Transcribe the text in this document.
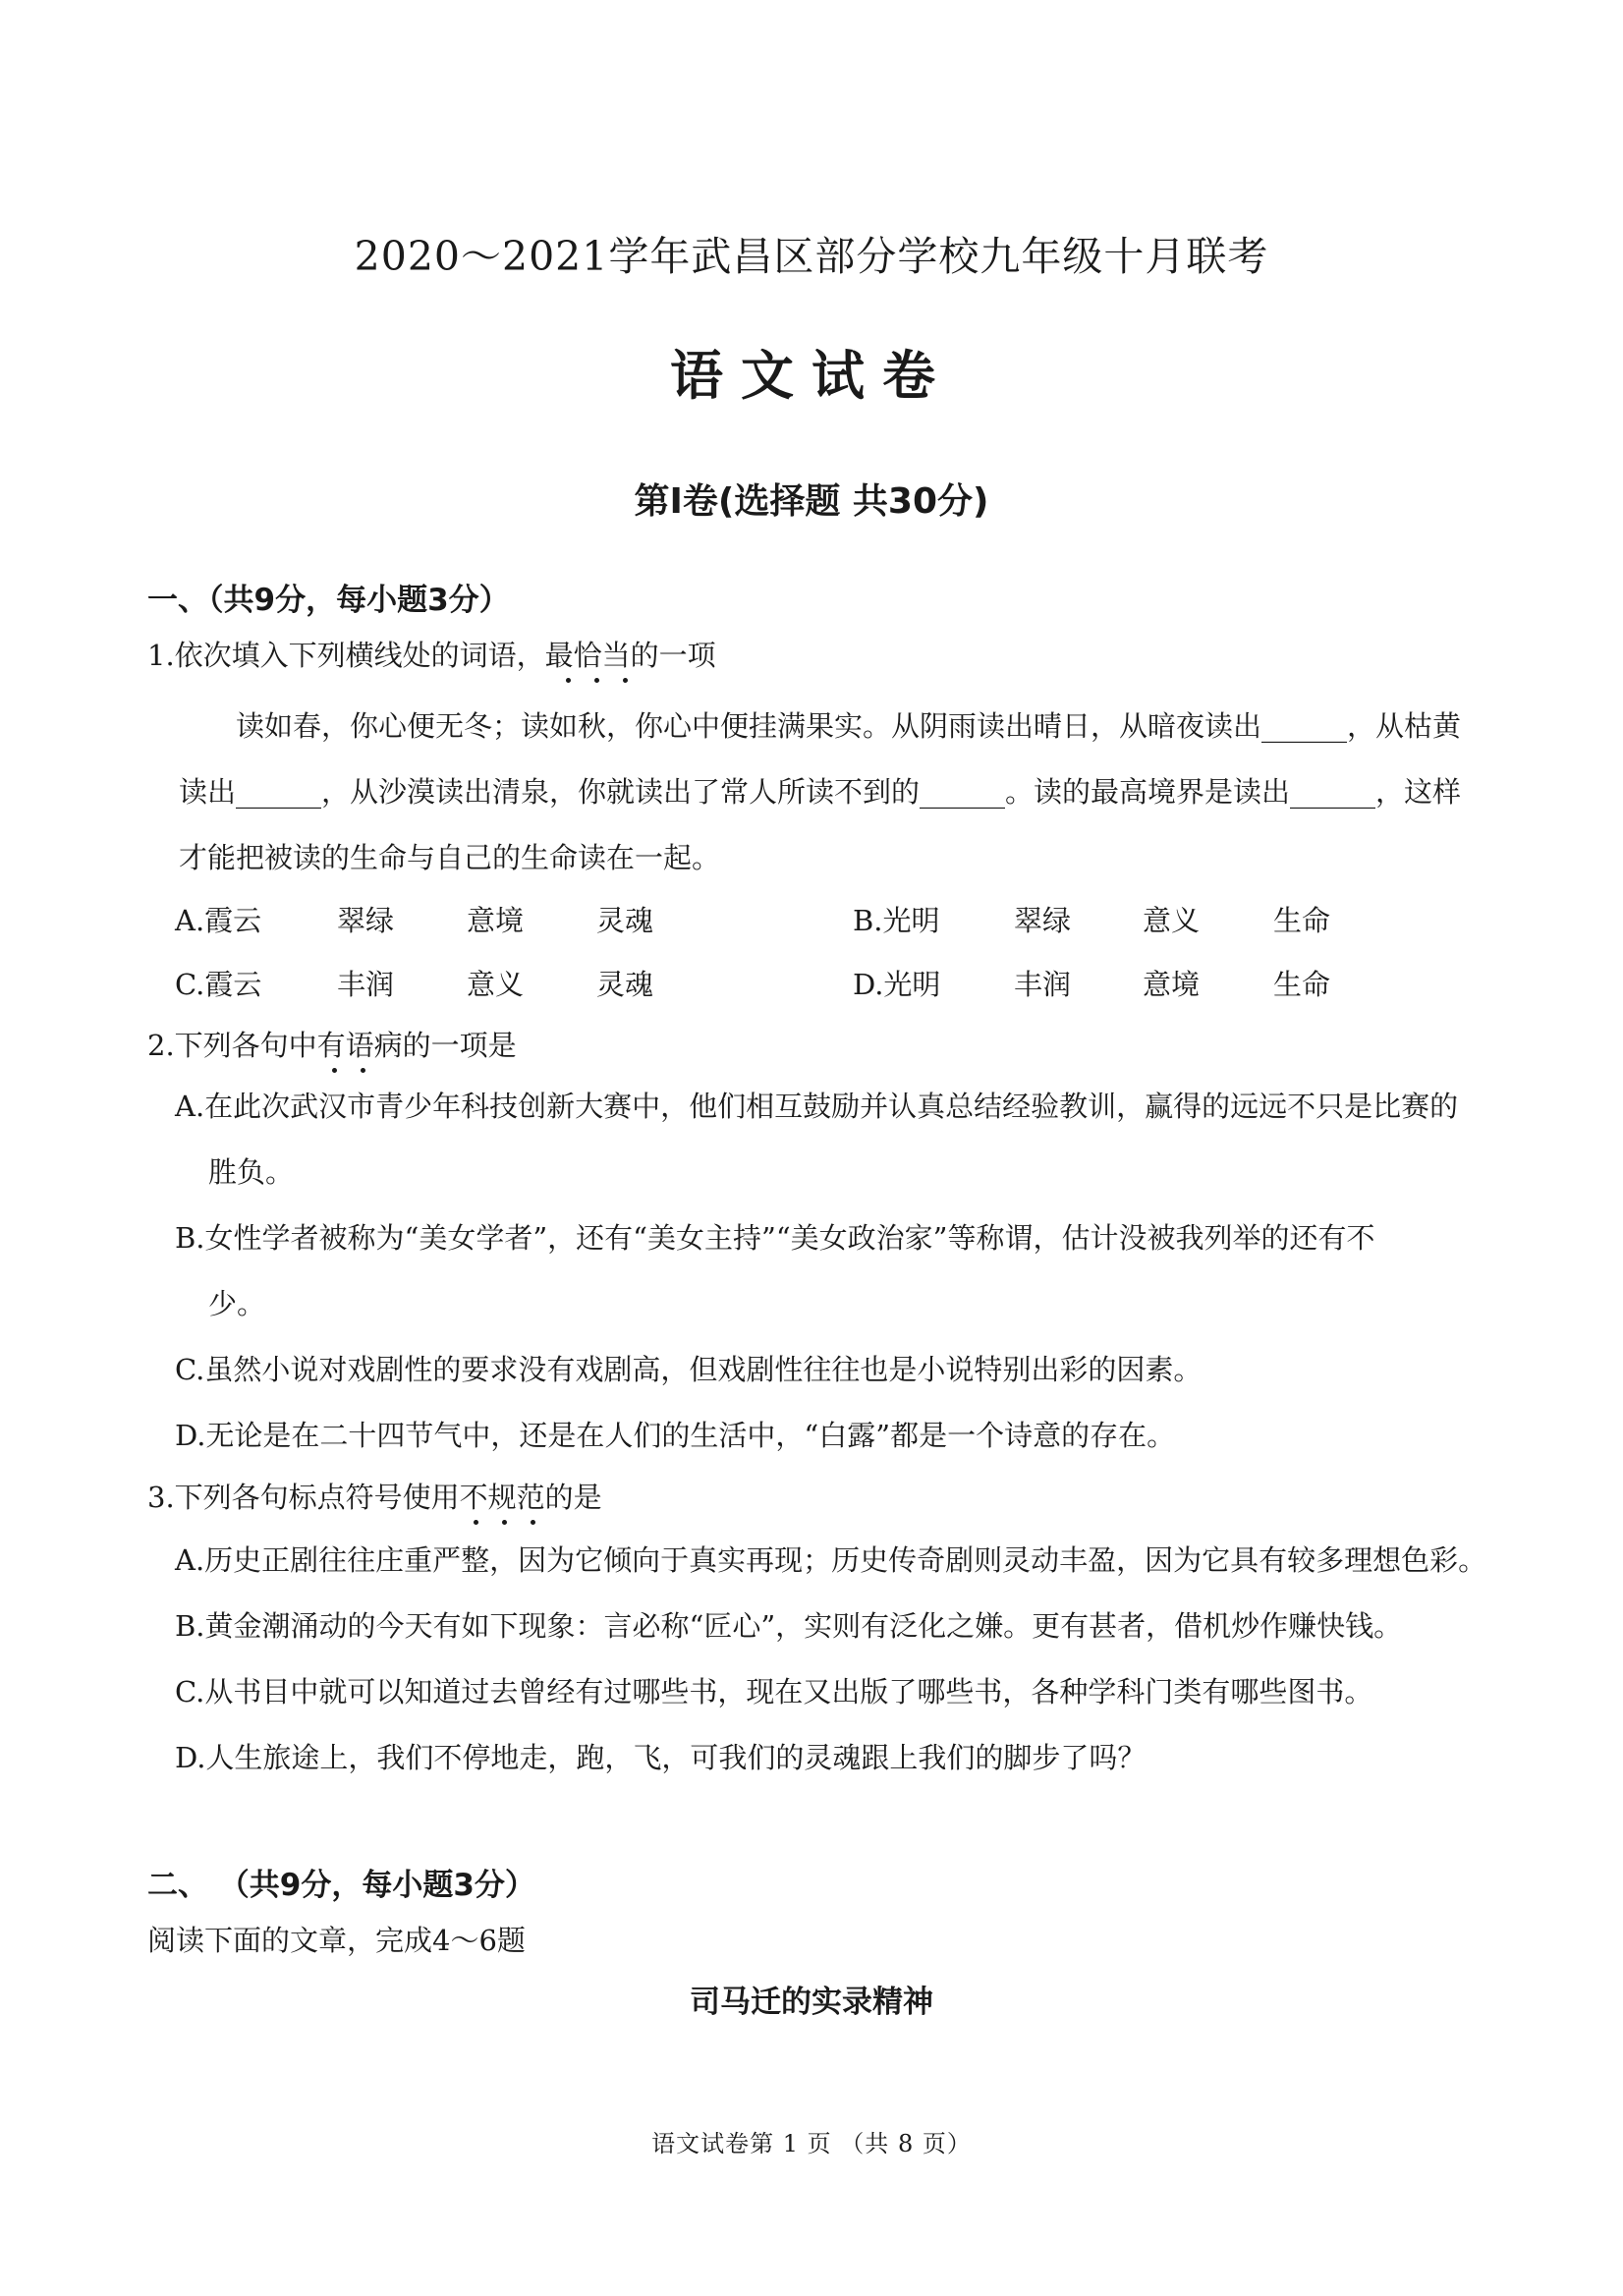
2020～2021学年武昌区部分学校九年级十月联考
语文试卷
第Ⅰ卷(选择题 共30分)
一、（共9分，每小题3分）
1.依次填入下列横线处的词语，最恰当的一项
读如春，你心便无冬；读如秋，你心中便挂满果实。从阴雨读出晴日，从暗夜读出______，从枯黄
读出______，从沙漠读出清泉，你就读出了常人所读不到的______。读的最高境界是读出______，这样
才能把被读的生命与自己的生命读在一起。
A.霞云	翠绿	意境	灵魂	B.光明	翠绿	意义	生命
C.霞云	丰润	意义	灵魂	D.光明	丰润	意境	生命
2.下列各句中有语病的一项是
A.在此次武汉市青少年科技创新大赛中，他们相互鼓励并认真总结经验教训，赢得的远远不只是比赛的
胜负。
B.女性学者被称为“美女学者”，还有“美女主持”“美女政治家”等称谓，估计没被我列举的还有不
少。
C.虽然小说对戏剧性的要求没有戏剧高，但戏剧性往往也是小说特别出彩的因素。
D.无论是在二十四节气中，还是在人们的生活中，“白露”都是一个诗意的存在。
3.下列各句标点符号使用不规范的是
A.历史正剧往往庄重严整，因为它倾向于真实再现；历史传奇剧则灵动丰盈，因为它具有较多理想色彩。
B.黄金潮涌动的今天有如下现象：言必称“匠心”，实则有泛化之嫌。更有甚者，借机炒作赚快钱。
C.从书目中就可以知道过去曾经有过哪些书，现在又出版了哪些书，各种学科门类有哪些图书。
D.人生旅途上，我们不停地走，跑，飞，可我们的灵魂跟上我们的脚步了吗？
二、 （共9分，每小题3分）
阅读下面的文章，完成4～6题
司马迁的实录精神
语文试卷第 1 页 （共 8 页）
